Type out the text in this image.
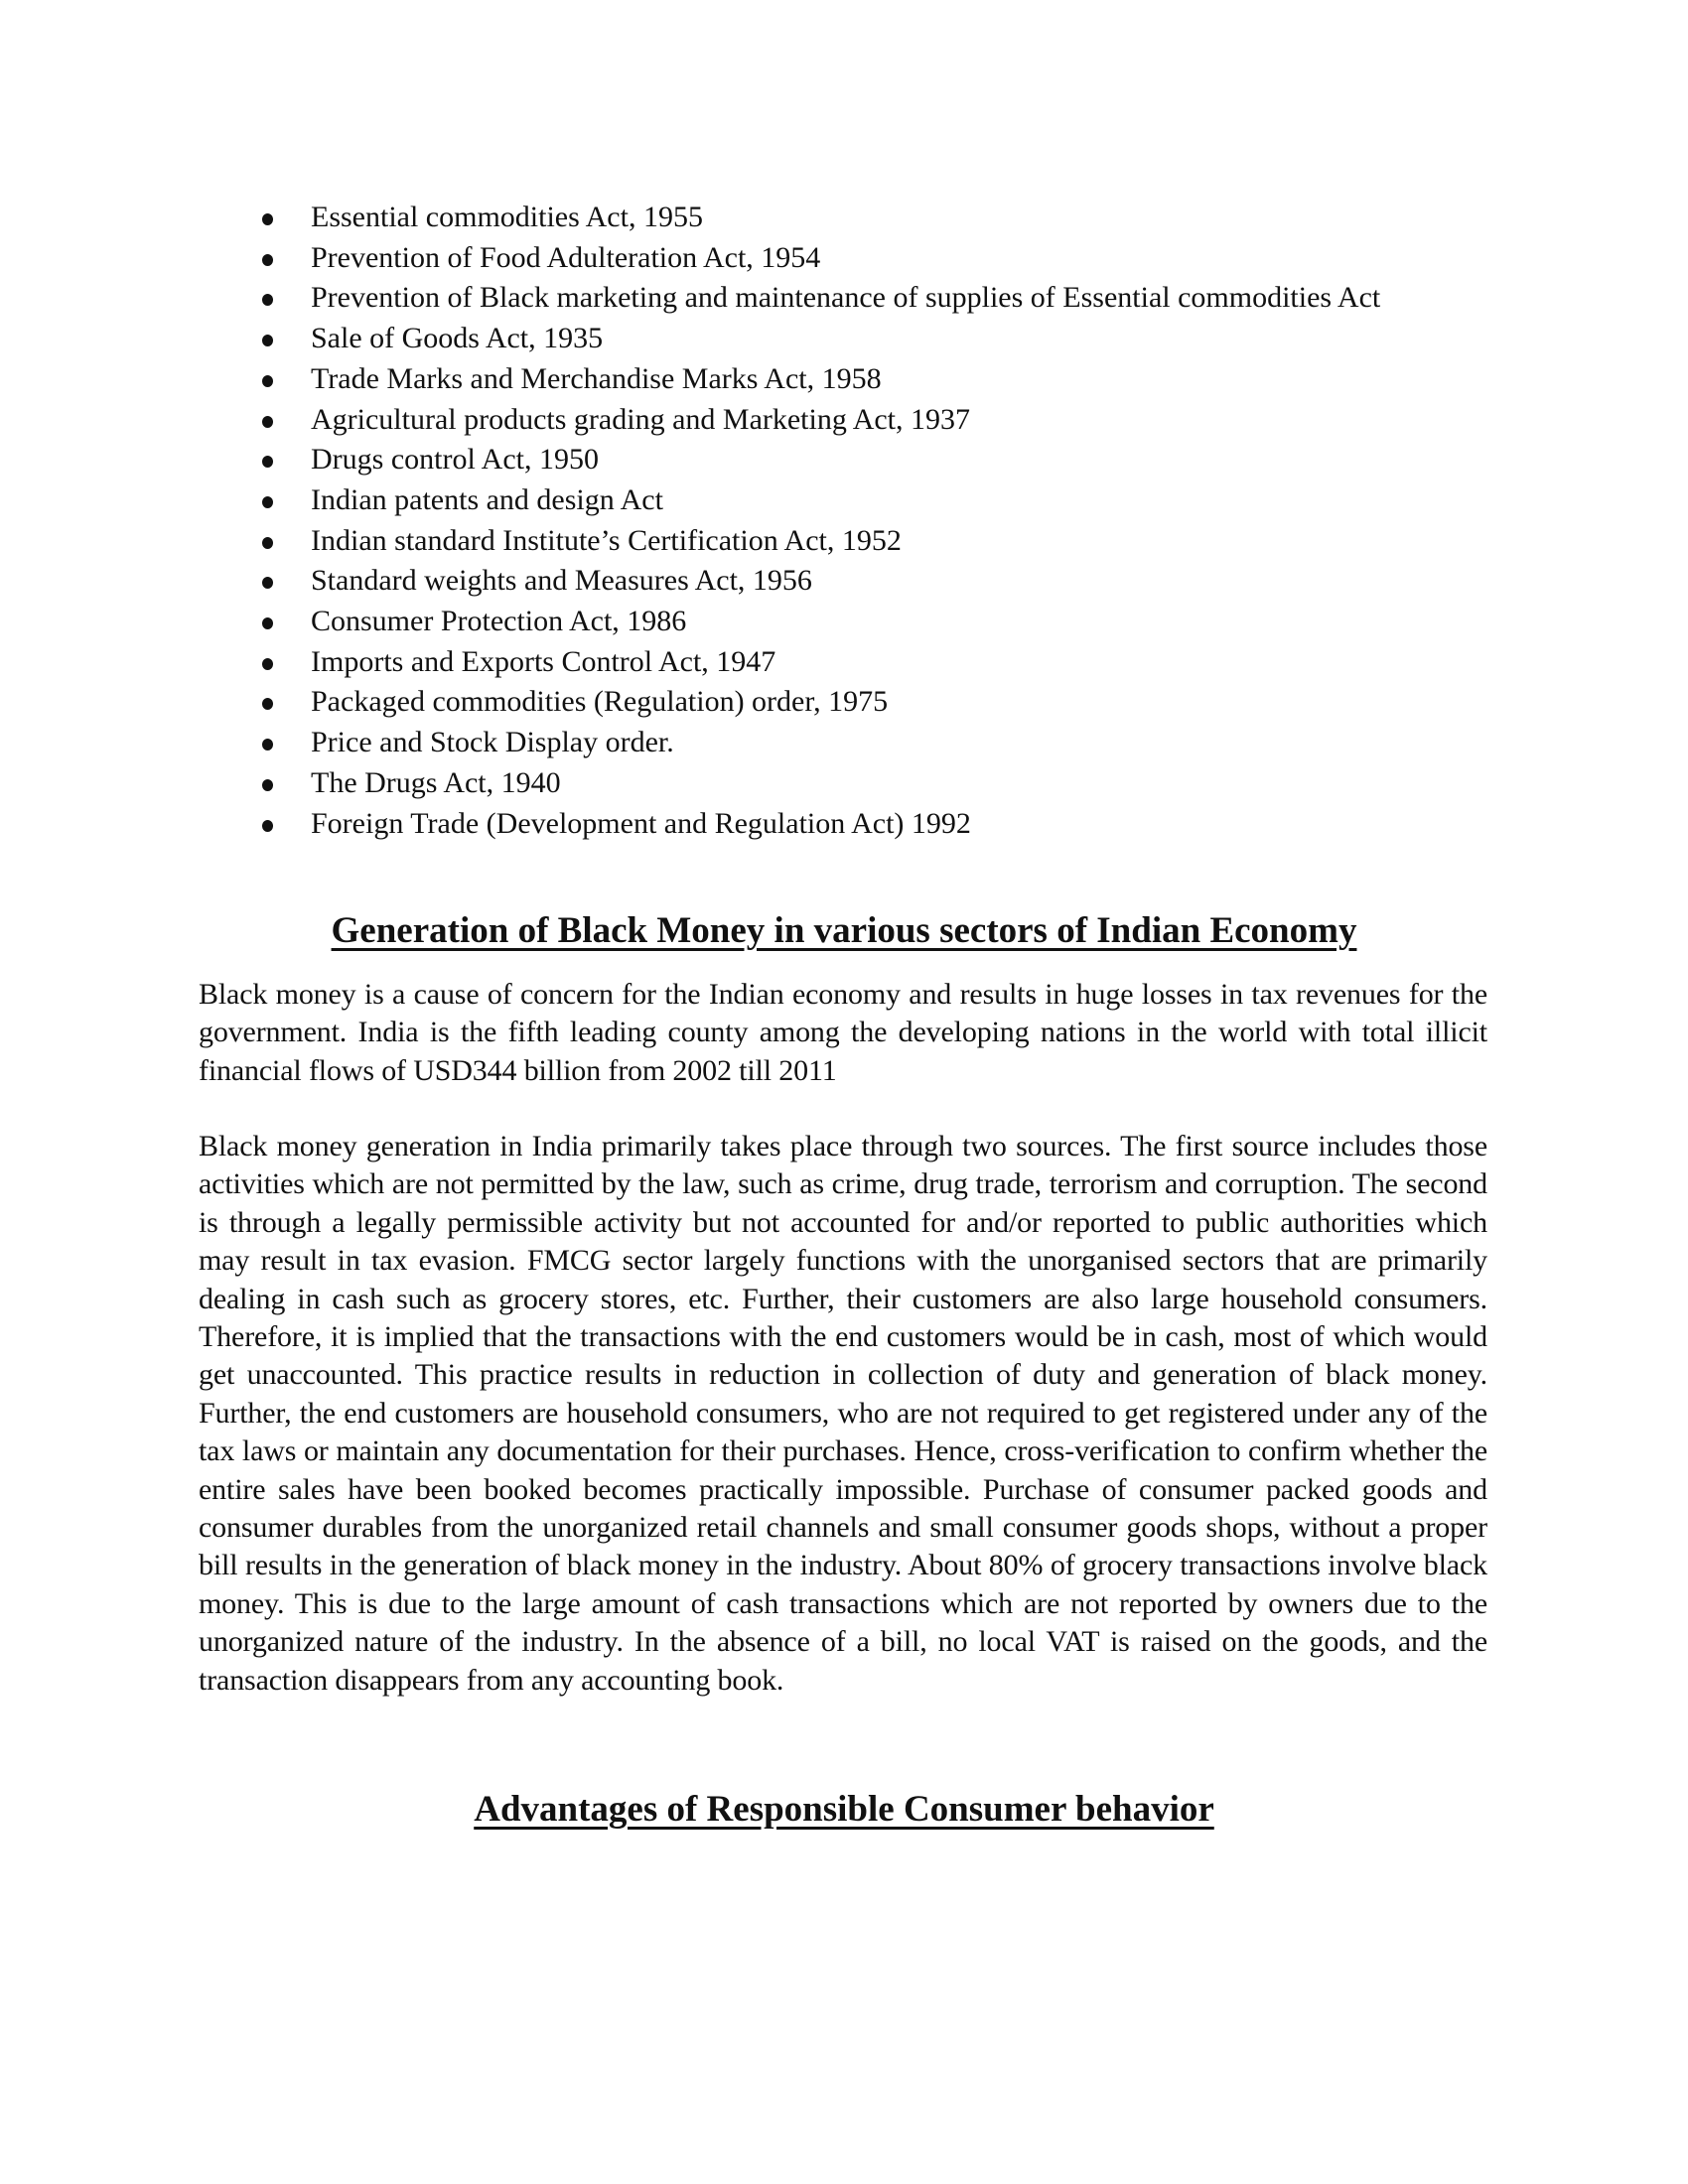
Essential commodities Act, 1955
Prevention of Food Adulteration Act, 1954
Prevention of Black marketing and maintenance of supplies of Essential commodities Act
Sale of Goods Act, 1935
Trade Marks and Merchandise Marks Act, 1958
Agricultural products grading and Marketing Act, 1937
Drugs control Act, 1950
Indian patents and design Act
Indian standard Institute’s Certification Act, 1952
Standard weights and Measures Act, 1956
Consumer Protection Act, 1986
Imports and Exports Control Act, 1947
Packaged commodities (Regulation) order, 1975
Price and Stock Display order.
The Drugs Act, 1940
Foreign Trade (Development and Regulation Act) 1992
Generation of Black Money in various sectors of Indian Economy

Black money is a cause of concern for the Indian economy and results in huge losses in tax revenues for the government. India is the fifth leading county among the developing nations in the world with total illicit financial flows of USD344 billion from 2002 till 2011

Black money generation in India primarily takes place through two sources. The first source includes those activities which are not permitted by the law, such as crime, drug trade, terrorism and corruption. The second is through a legally permissible activity but not accounted for and/or reported to public authorities which may result in tax evasion. FMCG sector largely functions with the unorganised sectors that are primarily dealing in cash such as grocery stores, etc. Further, their customers are also large household consumers. Therefore, it is implied that the transactions with the end customers would be in cash, most of which would get unaccounted. This practice results in reduction in collection of duty and generation of black money. Further, the end customers are household consumers, who are not required to get registered under any of the tax laws or maintain any documentation for their purchases. Hence, cross-verification to confirm whether the entire sales have been booked becomes practically impossible. Purchase of consumer packed goods and consumer durables from the unorganized retail channels and small consumer goods shops, without a proper bill results in the generation of black money in the industry. About 80% of grocery transactions involve black money. This is due to the large amount of cash transactions which are not reported by owners due to the unorganized nature of the industry. In the absence of a bill, no local VAT is raised on the goods, and the transaction disappears from any accounting book.

Advantages of Responsible Consumer behavior
